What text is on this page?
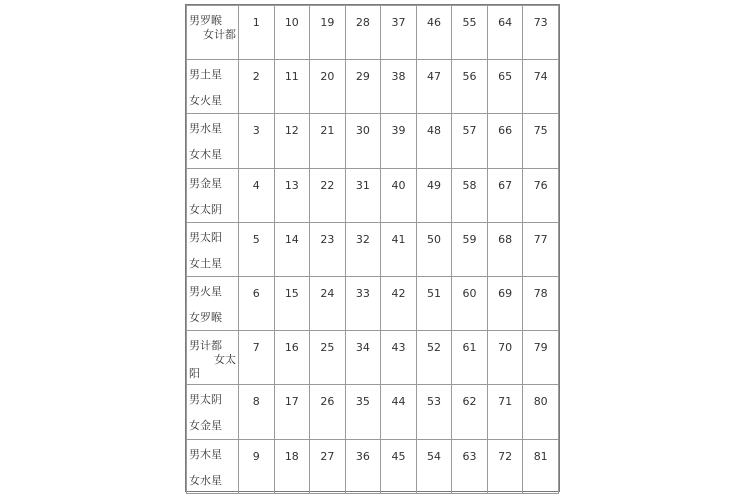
男罗睺
女计都	1	10	19	28	37	46	55	64	73

男土星
女火星	2	11	20	29	38	47	56	65	74

男水星
女木星	3	12	21	30	39	48	57	66	75

男金星
女太阴	4	13	22	31	40	49	58	67	76

男太阳
女土星	5	14	23	32	41	50	59	68	77

男火星
女罗睺	6	15	24	33	42	51	60	69	78

男计都
女太
阳	7	16	25	34	43	52	61	70	79

男太阴
女金星	8	17	26	35	44	53	62	71	80

男木星
女水星	9	18	27	36	45	54	63	72	81
